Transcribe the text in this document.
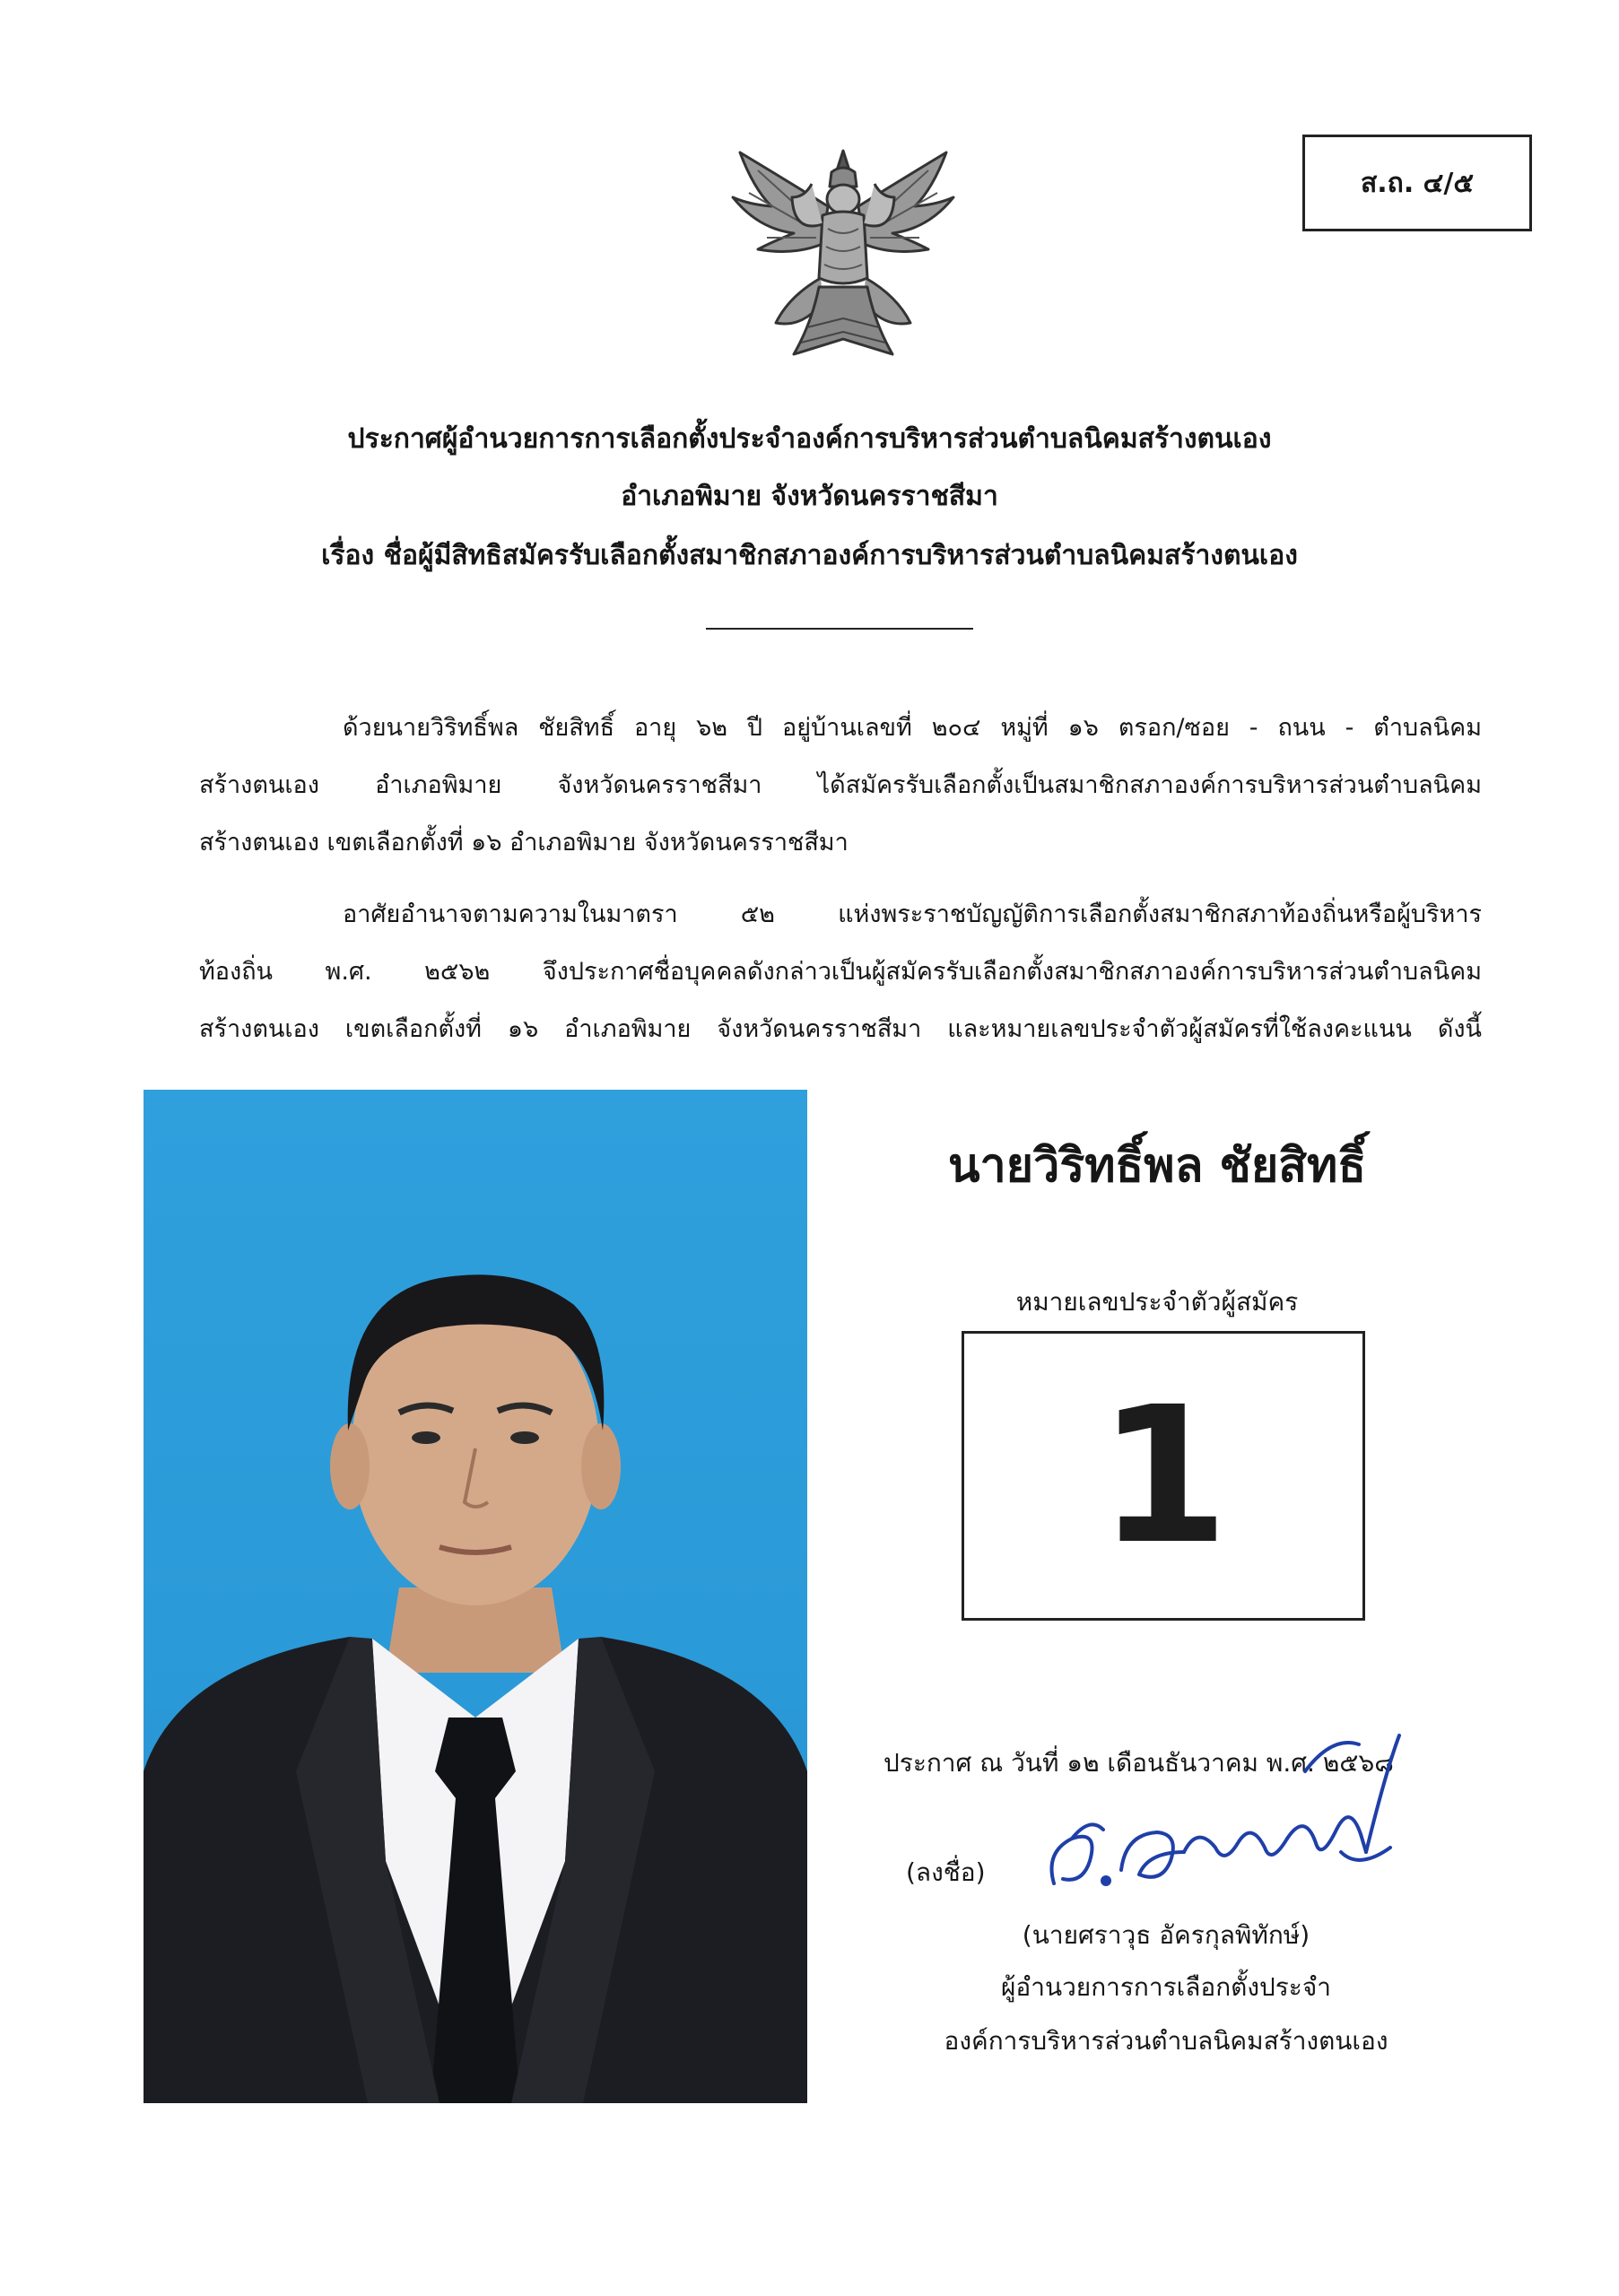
ส.ถ. ๔/๕
ประกาศผู้อำนวยการการเลือกตั้งประจำองค์การบริหารส่วนตำบลนิคมสร้างตนเอง
อำเภอพิมาย จังหวัดนครราชสีมา
เรื่อง ชื่อผู้มีสิทธิสมัครรับเลือกตั้งสมาชิกสภาองค์การบริหารส่วนตำบลนิคมสร้างตนเอง
ด้วยนายวิริทธิ์พล ชัยสิทธิ์ อายุ ๖๒ ปี อยู่บ้านเลขที่ ๒๐๔ หมู่ที่ ๑๖ ตรอก/ซอย - ถนน - ตำบลนิคม
สร้างตนเอง อำเภอพิมาย จังหวัดนครราชสีมา ได้สมัครรับเลือกตั้งเป็นสมาชิกสภาองค์การบริหารส่วนตำบลนิคม
สร้างตนเอง เขตเลือกตั้งที่ ๑๖ อำเภอพิมาย จังหวัดนครราชสีมา
อาศัยอำนาจตามความในมาตรา ๕๒ แห่งพระราชบัญญัติการเลือกตั้งสมาชิกสภาท้องถิ่นหรือผู้บริหาร
ท้องถิ่น พ.ศ. ๒๕๖๒ จึงประกาศชื่อบุคคลดังกล่าวเป็นผู้สมัครรับเลือกตั้งสมาชิกสภาองค์การบริหารส่วนตำบลนิคม
สร้างตนเอง เขตเลือกตั้งที่ ๑๖ อำเภอพิมาย จังหวัดนครราชสีมา และหมายเลขประจำตัวผู้สมัครที่ใช้ลงคะแนน ดังนี้
นายวิริทธิ์พล ชัยสิทธิ์
หมายเลขประจำตัวผู้สมัคร
1
ประกาศ ณ วันที่ ๑๒ เดือนธันวาคม พ.ศ. ๒๕๖๘
(ลงชื่อ)
(นายศราวุธ อัครกุลพิทักษ์)
ผู้อำนวยการการเลือกตั้งประจำ
องค์การบริหารส่วนตำบลนิคมสร้างตนเอง
